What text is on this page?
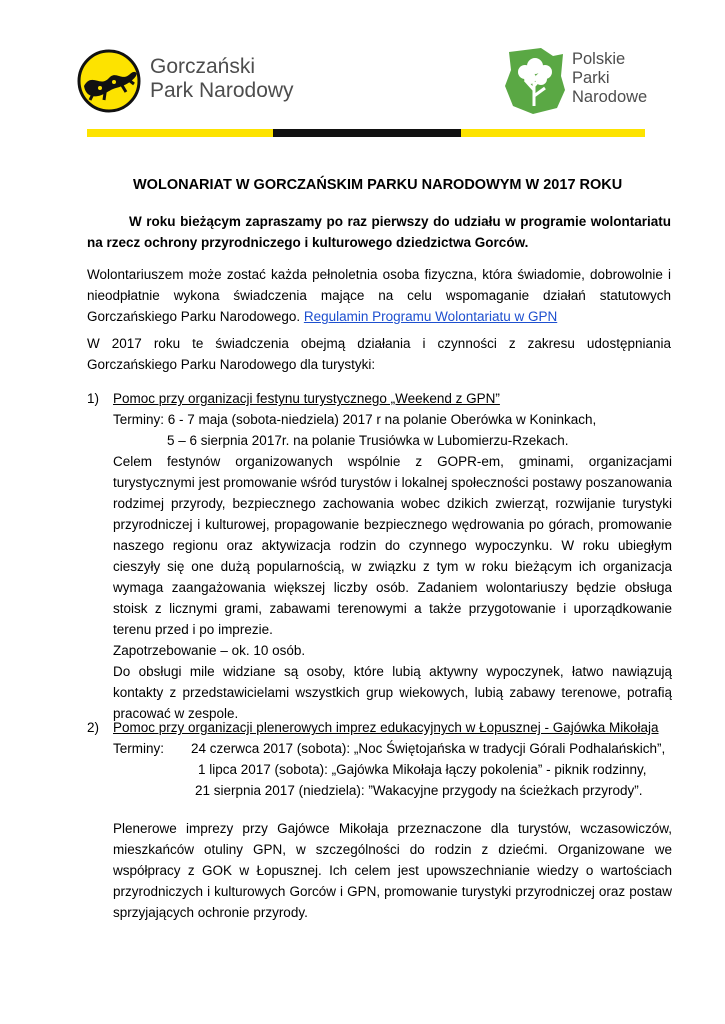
Gorczański
Park Narodowy
Polskie
Parki
Narodowe
WOLONARIAT W GORCZAŃSKIM PARKU NARODOWYM W 2017 ROKU
W roku bieżącym zapraszamy po raz pierwszy do udziału w programie wolontariatu na rzecz ochrony przyrodniczego i kulturowego dziedzictwa Gorców.
Wolontariuszem może zostać każda pełnoletnia osoba fizyczna, która świadomie, dobrowolnie i nieodpłatnie wykona świadczenia mające na celu wspomaganie działań statutowych Gorczańskiego Parku Narodowego. Regulamin Programu Wolontariatu w GPN
W 2017 roku te świadczenia obejmą działania i czynności z zakresu udostępniania Gorczańskiego Parku Narodowego dla turystyki:
1) Pomoc przy organizacji festynu turystycznego „Weekend z GPN”
Terminy: 6 - 7 maja (sobota-niedziela) 2017 r na polanie Oberówka w Koninkach,
5 – 6 sierpnia 2017r. na polanie Trusiówka w Lubomierzu-Rzekach.

Celem festynów organizowanych wspólnie z GOPR-em, gminami, organizacjami turystycznymi jest promowanie wśród turystów i lokalnej społeczności postawy poszanowania rodzimej przyrody, bezpiecznego zachowania wobec dzikich zwierząt, rozwijanie turystyki przyrodniczej i kulturowej, propagowanie bezpiecznego wędrowania po górach, promowanie naszego regionu oraz aktywizacja rodzin do czynnego wypoczynku. W roku ubiegłym cieszyły się one dużą popularnością, w związku z tym w roku bieżącym ich organizacja wymaga zaangażowania większej liczby osób. Zadaniem wolontariuszy będzie obsługa stoisk z licznymi grami, zabawami terenowymi a także przygotowanie i uporządkowanie terenu przed i po imprezie.

Zapotrzebowanie – ok. 10 osób.

Do obsługi mile widziane są osoby, które lubią aktywny wypoczynek, łatwo nawiązują kontakty z przedstawicielami wszystkich grup wiekowych, lubią zabawy terenowe, potrafią pracować w zespole.

2) Pomoc przy organizacji plenerowych imprez edukacyjnych w Łopusznej - Gajówka Mikołaja
Terminy: 24 czerwca 2017 (sobota): „Noc Świętojańska w tradycji Górali Podhalańskich”,
1 lipca 2017 (sobota): „Gajówka Mikołaja łączy pokolenia” - piknik rodzinny,
21 sierpnia 2017 (niedziela): ”Wakacyjne przygody na ścieżkach przyrody”.
Plenerowe imprezy przy Gajówce Mikołaja przeznaczone dla turystów, wczasowiczów, mieszkańców otuliny GPN, w szczególności do rodzin z dziećmi. Organizowane we współpracy z GOK w Łopusznej. Ich celem jest upowszechnianie wiedzy o wartościach przyrodniczych i kulturowych Gorców i GPN, promowanie turystyki przyrodniczej oraz postaw sprzyjających ochronie przyrody.
